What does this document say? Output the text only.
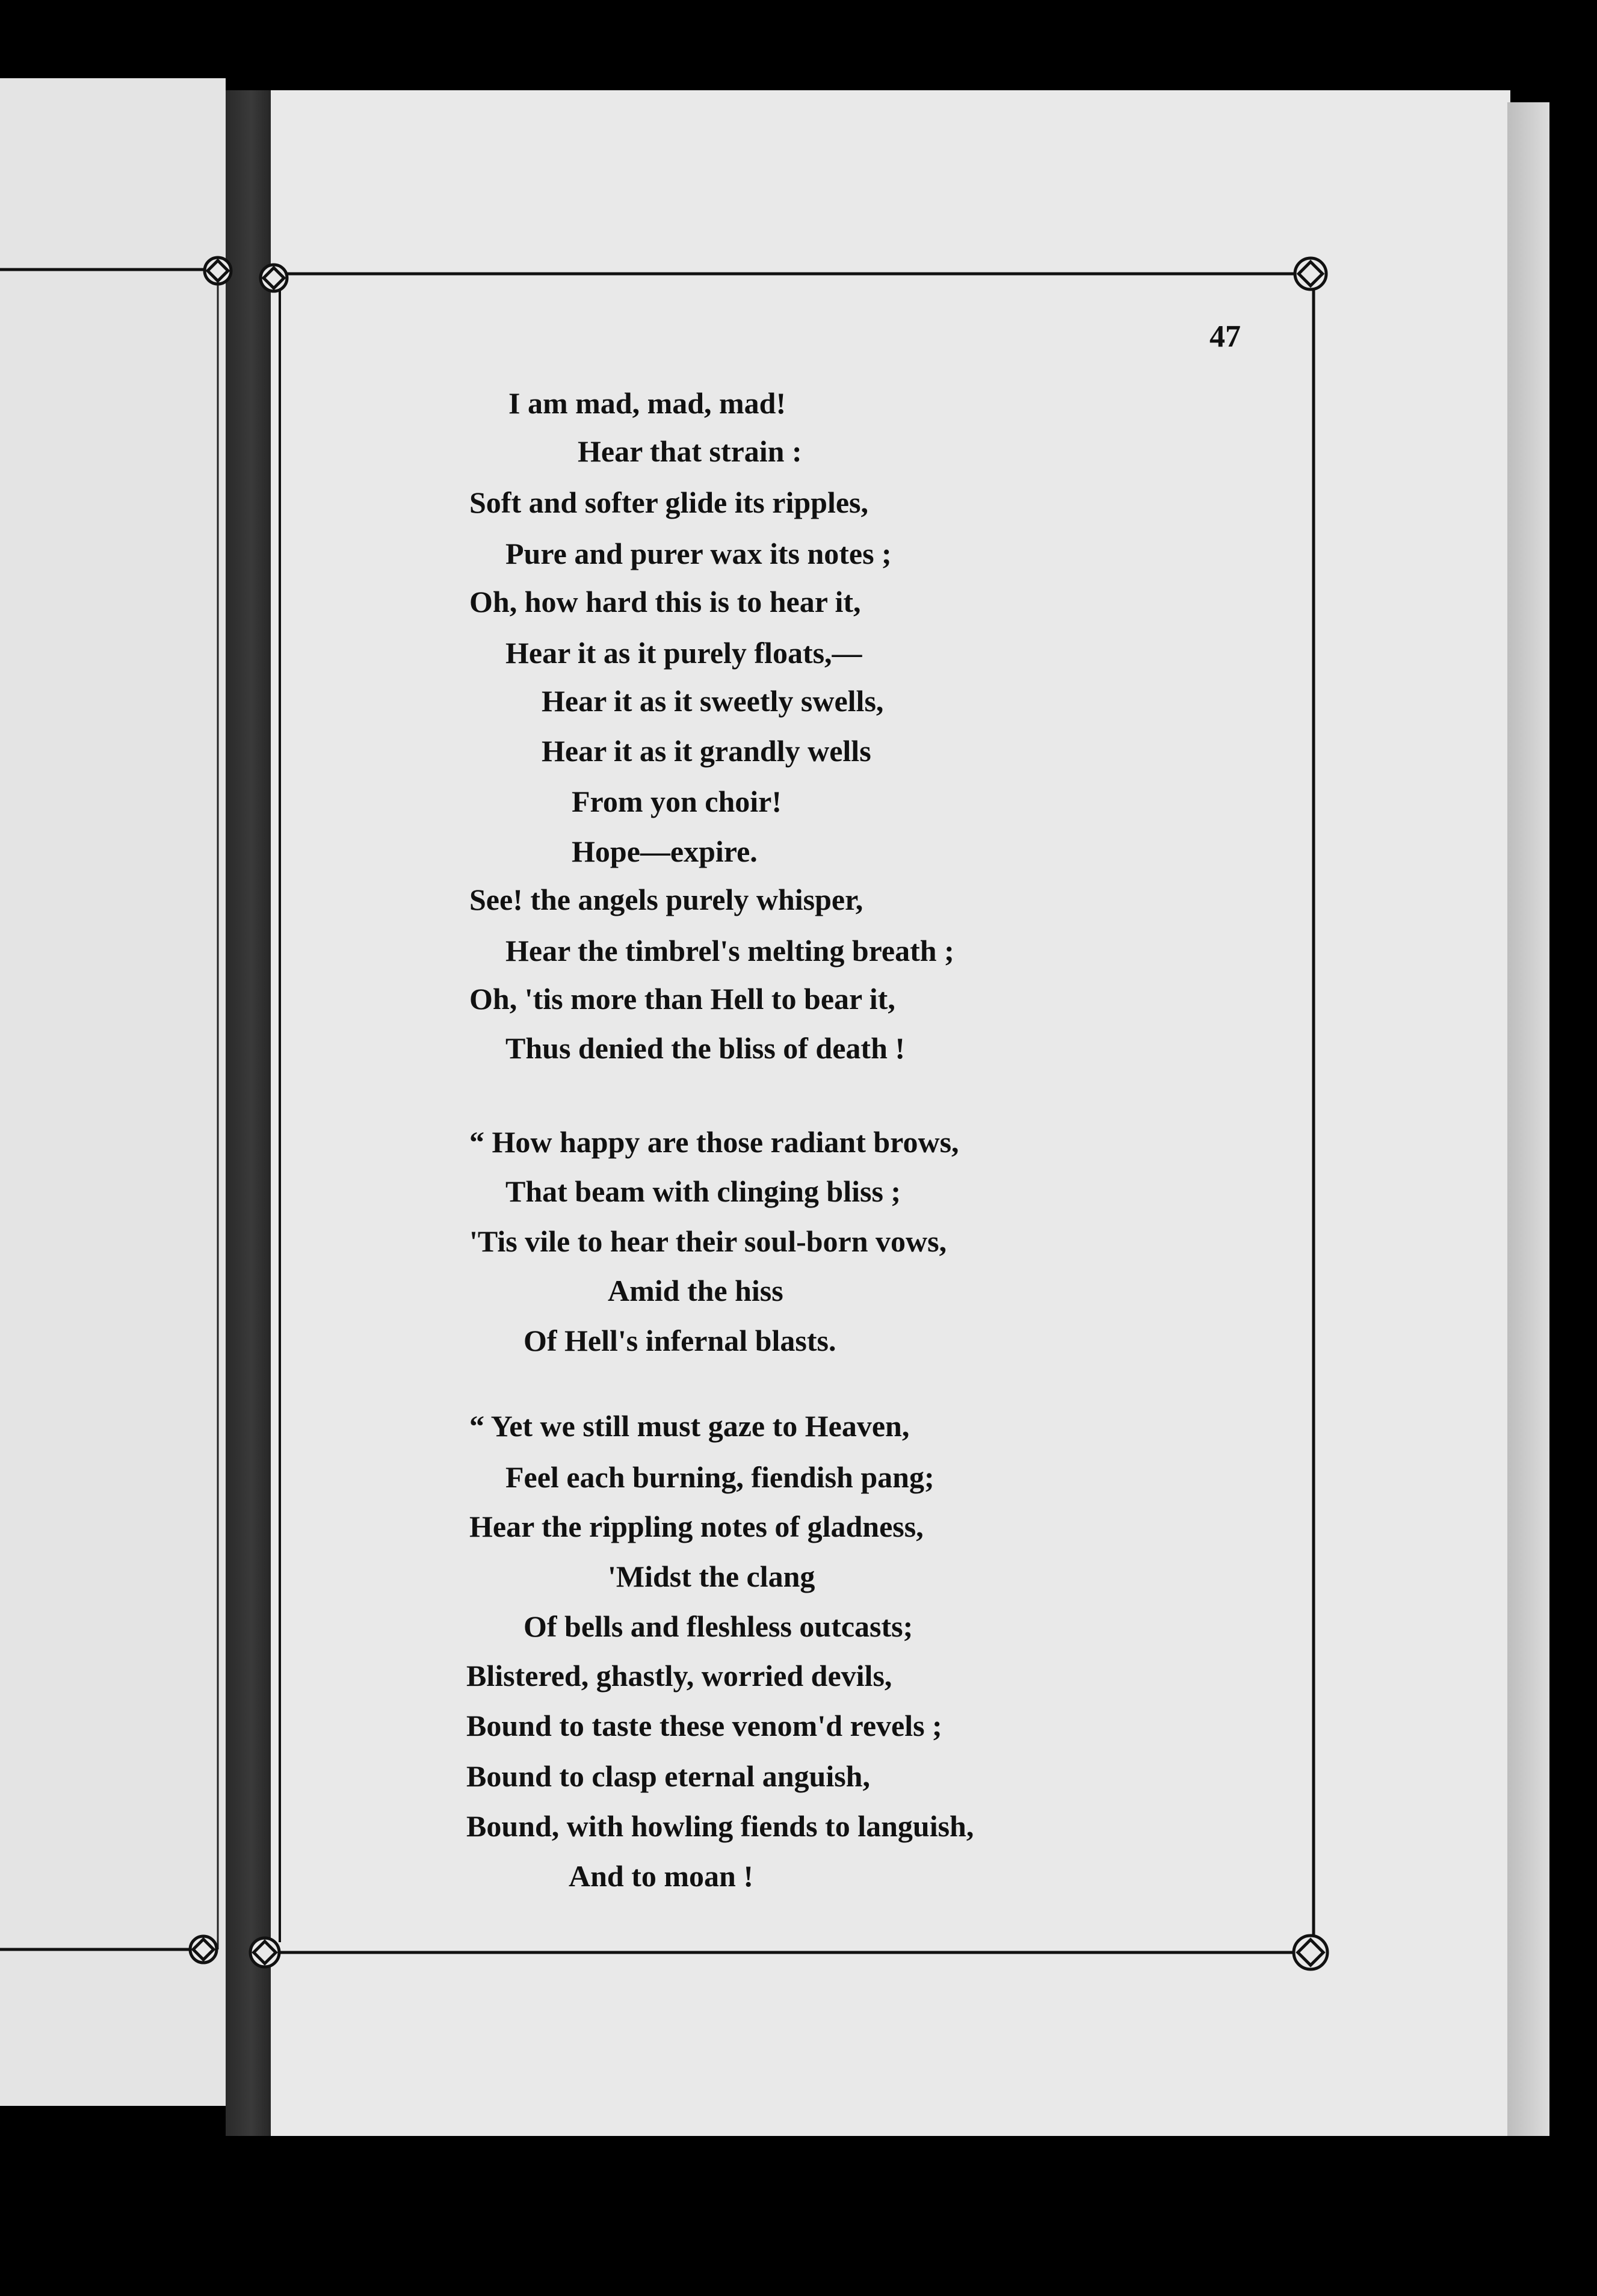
47
I am mad, mad, mad!
Hear that strain :
Soft and softer glide its ripples,
Pure and purer wax its notes ;
Oh, how hard this is to hear it,
Hear it as it purely floats,—
Hear it as it sweetly swells,
Hear it as it grandly wells
From yon choir!
Hope—expire.
See! the angels purely whisper,
Hear the timbrel's melting breath ;
Oh, 'tis more than Hell to bear it,
Thus denied the bliss of death !
“ How happy are those radiant brows,
That beam with clinging bliss ;
'Tis vile to hear their soul-born vows,
Amid the hiss
Of Hell's infernal blasts.
“ Yet we still must gaze to Heaven,
Feel each burning, fiendish pang;
Hear the rippling notes of gladness,
'Midst the clang
Of bells and fleshless outcasts;
Blistered, ghastly, worried devils,
Bound to taste these venom'd revels ;
Bound to clasp eternal anguish,
Bound, with howling fiends to languish,
And to moan !
